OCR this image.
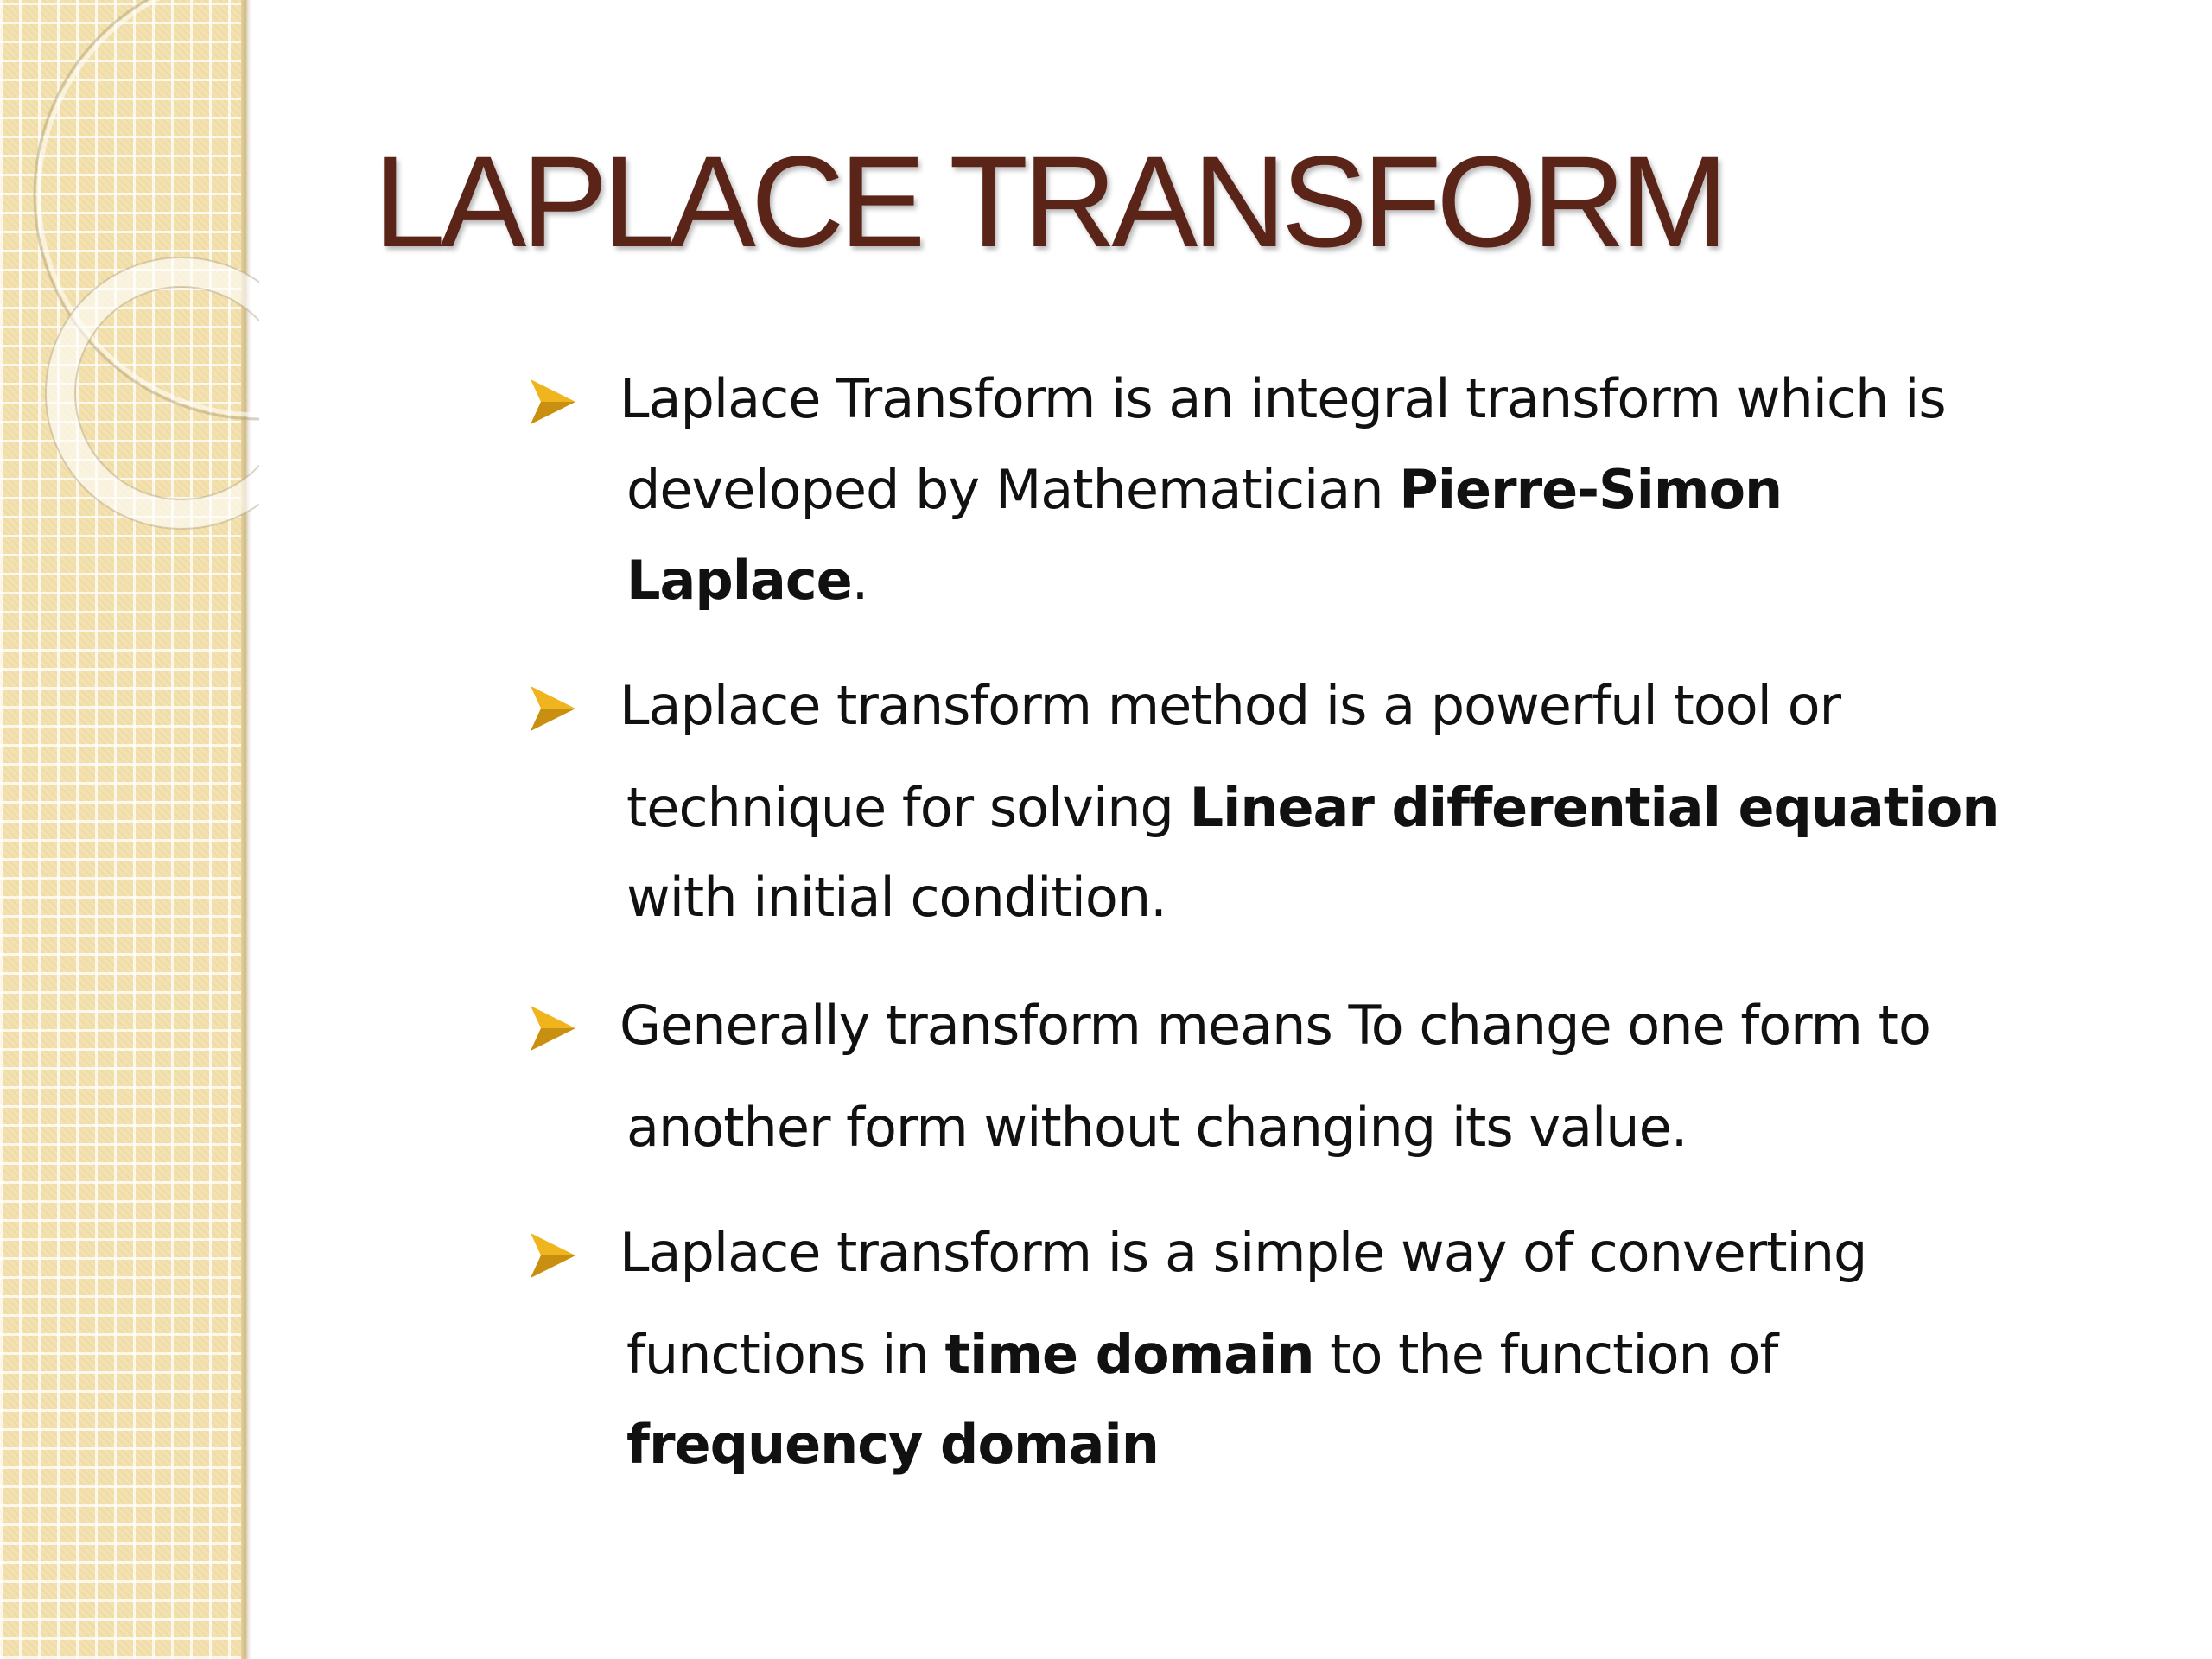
LAPLACE TRANSFORM
Laplace Transform is an integral transform which is
developed by Mathematician Pierre-Simon
Laplace.
Laplace transform method is a powerful tool or
technique for solving Linear differential equation
with initial condition.
Generally transform means To change one form to
another form without changing its value.
Laplace transform is a simple way of converting
functions in time domain to the function of
frequency domain
